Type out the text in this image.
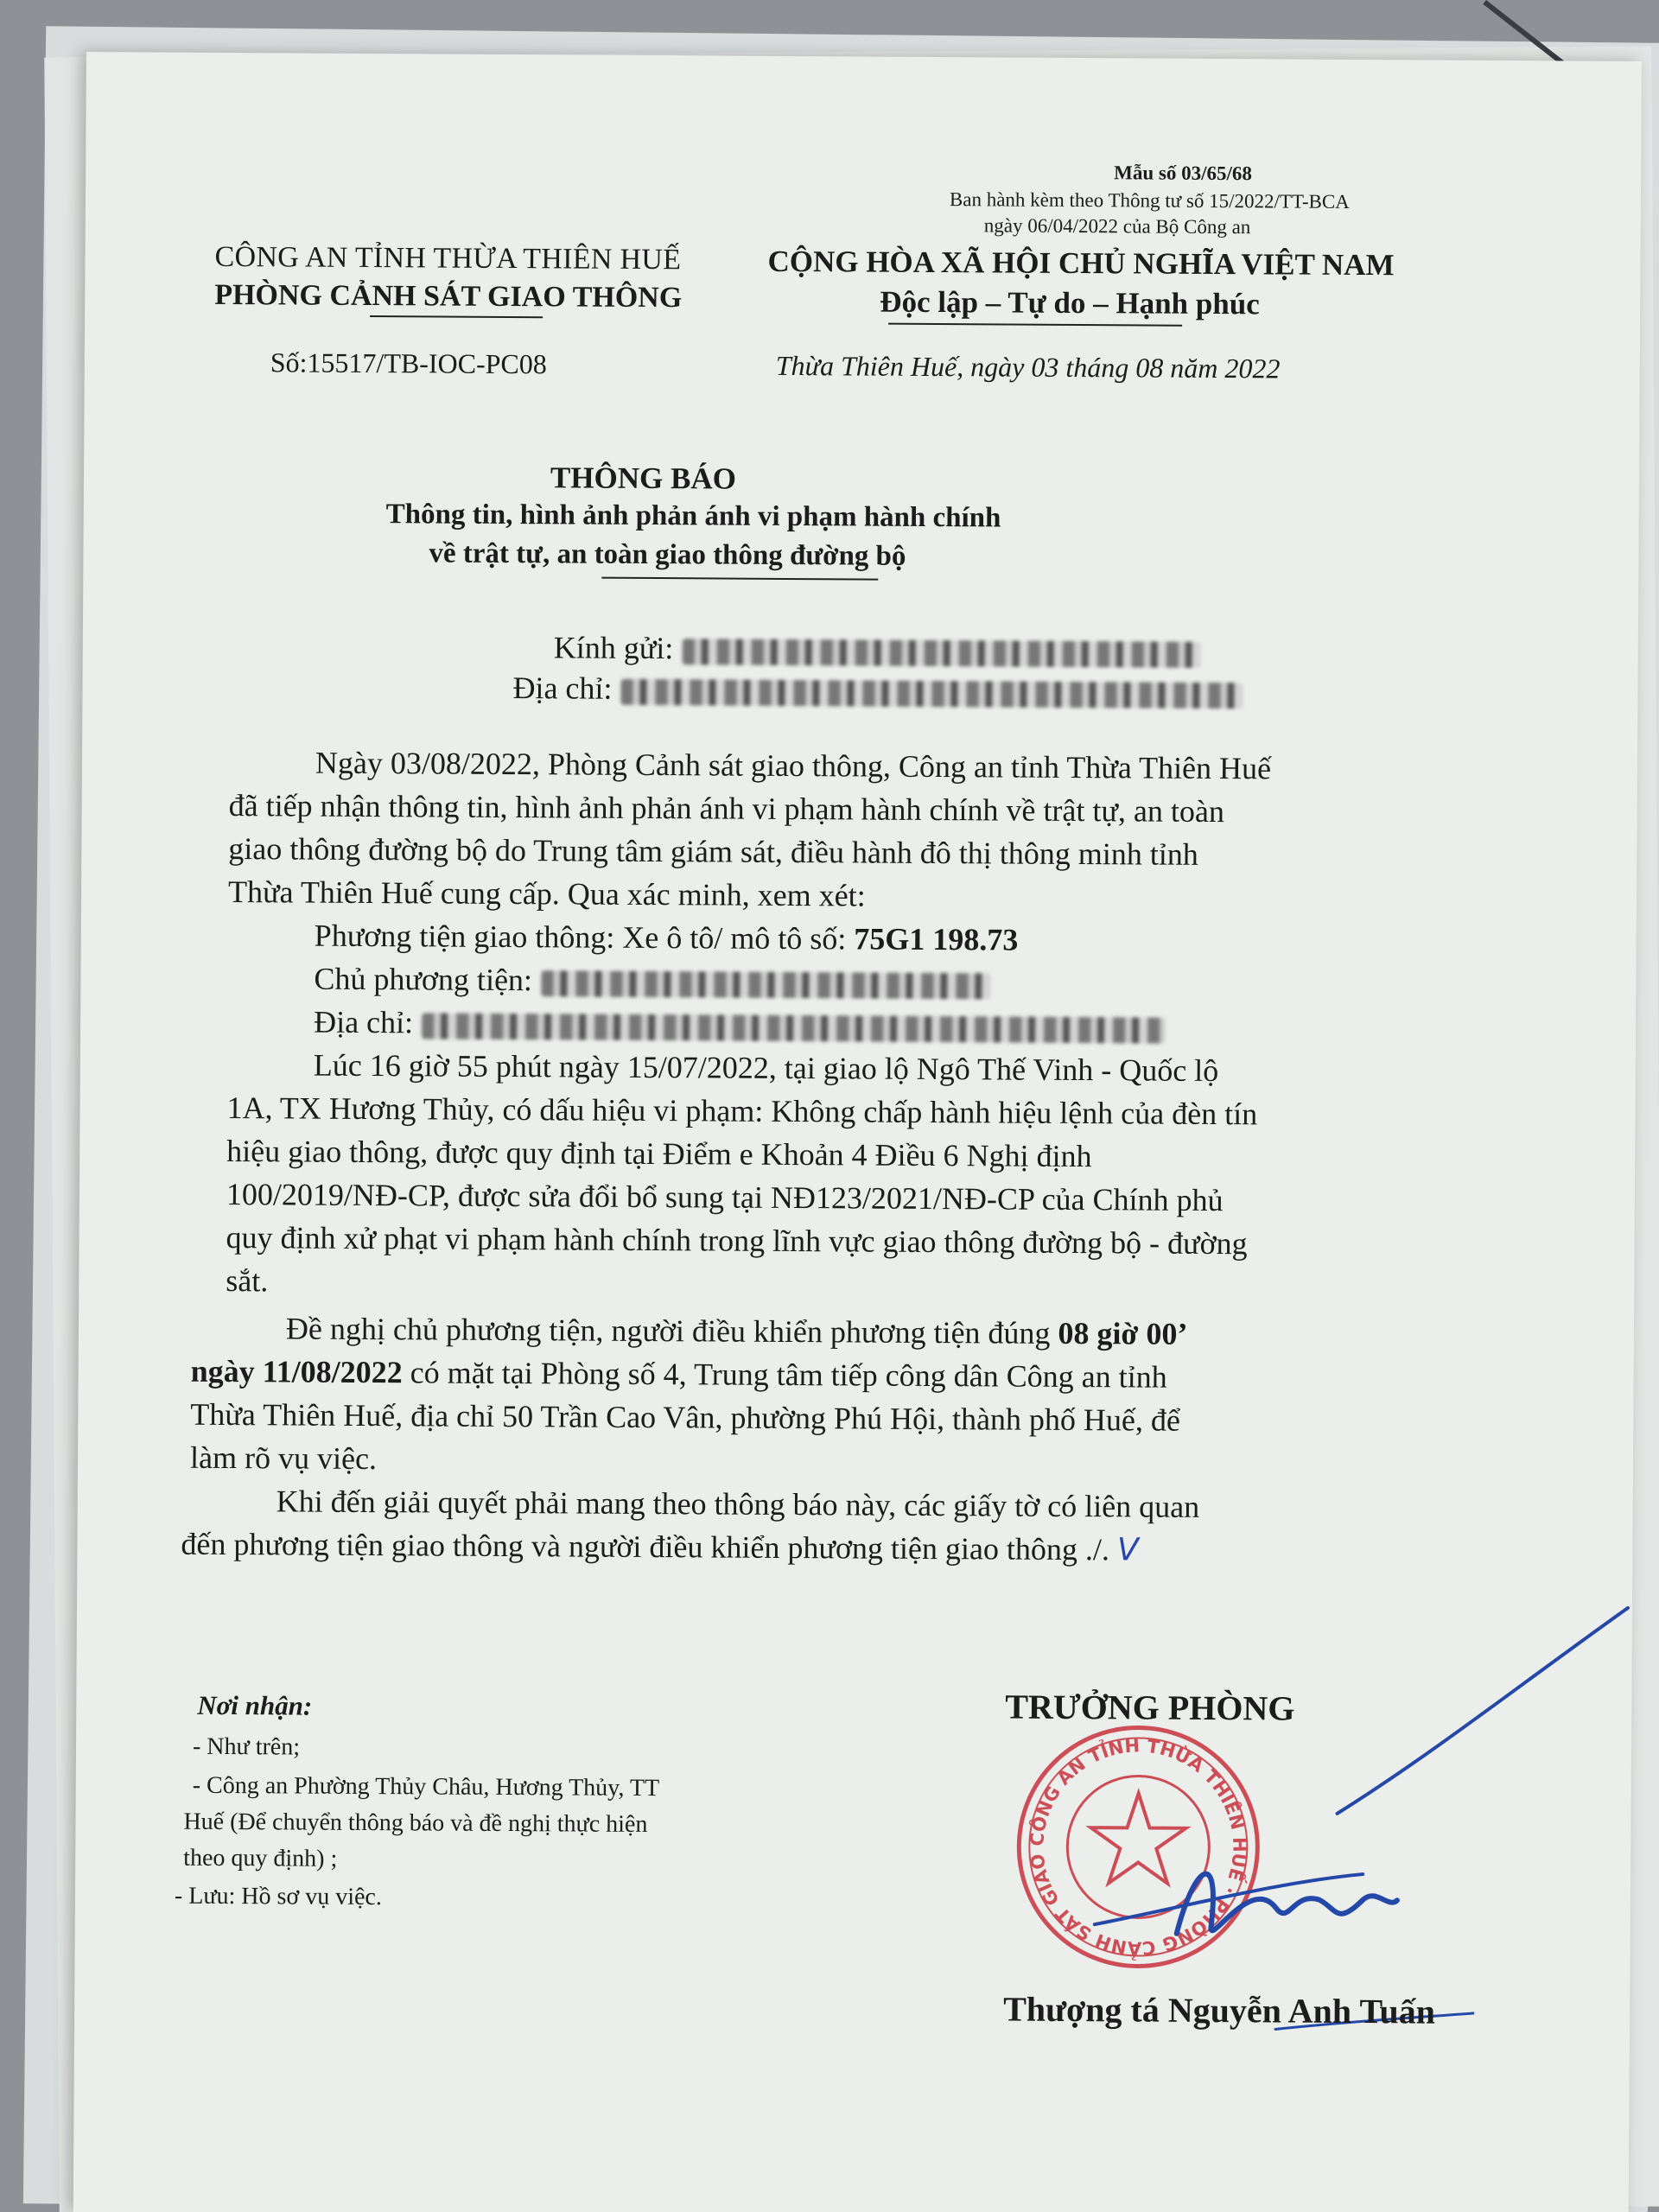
Mẫu số 03/65/68
Ban hành kèm theo Thông tư số 15/2022/TT-BCA
ngày 06/04/2022 của Bộ Công an
CÔNG AN TỈNH THỪA THIÊN HUẾ
PHÒNG CẢNH SÁT GIAO THÔNG
CỘNG HÒA XÃ HỘI CHỦ NGHĨA VIỆT NAM
Độc lập – Tự do – Hạnh phúc
Số:15517/TB-IOC-PC08	Thừa Thiên Huế, ngày 03 tháng 08 năm 2022
THÔNG BÁO
Thông tin, hình ảnh phản ánh vi phạm hành chính
về trật tự, an toàn giao thông đường bộ
Kính gửi:
Địa chỉ:
Ngày 03/08/2022, Phòng Cảnh sát giao thông, Công an tỉnh Thừa Thiên Huế
đã tiếp nhận thông tin, hình ảnh phản ánh vi phạm hành chính về trật tự, an toàn
giao thông đường bộ do Trung tâm giám sát, điều hành đô thị thông minh tỉnh
Thừa Thiên Huế cung cấp. Qua xác minh, xem xét:
Phương tiện giao thông: Xe ô tô/ mô tô số: 75G1 198.73
Chủ phương tiện:
Địa chỉ:
Lúc 16 giờ 55 phút ngày 15/07/2022, tại giao lộ Ngô Thế Vinh - Quốc lộ
1A, TX Hương Thủy, có dấu hiệu vi phạm: Không chấp hành hiệu lệnh của đèn tín
hiệu giao thông, được quy định tại Điểm e Khoản 4 Điều 6 Nghị định
100/2019/NĐ-CP, được sửa đổi bổ sung tại NĐ123/2021/NĐ-CP của Chính phủ
quy định xử phạt vi phạm hành chính trong lĩnh vực giao thông đường bộ - đường
sắt.
Đề nghị chủ phương tiện, người điều khiển phương tiện đúng 08 giờ 00’
ngày 11/08/2022 có mặt tại Phòng số 4, Trung tâm tiếp công dân Công an tỉnh
Thừa Thiên Huế, địa chỉ 50 Trần Cao Vân, phường Phú Hội, thành phố Huế, để
làm rõ vụ việc.
Khi đến giải quyết phải mang theo thông báo này, các giấy tờ có liên quan
đến phương tiện giao thông và người điều khiển phương tiện giao thông ./. V
Nơi nhận:
- Như trên;
- Công an Phường Thủy Châu, Hương Thủy, TT
Huế (Để chuyển thông báo và đề nghị thực hiện
theo quy định) ;
- Lưu: Hồ sơ vụ việc.
TRƯỞNG PHÒNG
CÔNG AN TỈNH THỪA THIÊN HUẾ · PHÒNG CẢNH SÁT GIAO
Thượng tá Nguyễn Anh Tuấn
